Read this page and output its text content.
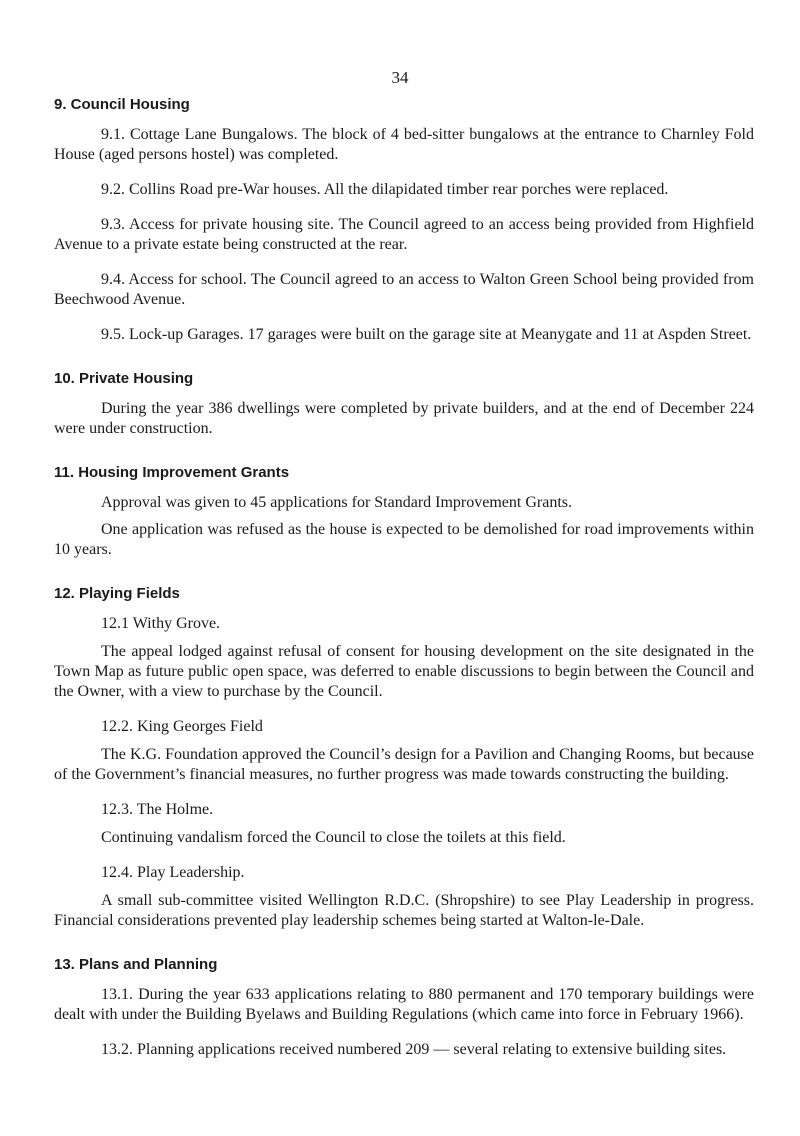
34

9. Council Housing

9.1. Cottage Lane Bungalows. The block of 4 bed-sitter bungalows at the entrance to Charnley Fold House (aged persons hostel) was completed.

9.2. Collins Road pre-War houses. All the dilapidated timber rear porches were replaced.

9.3. Access for private housing site. The Council agreed to an access being provided from Highfield Avenue to a private estate being constructed at the rear.

9.4. Access for school. The Council agreed to an access to Walton Green School being provided from Beechwood Avenue.

9.5. Lock-up Garages. 17 garages were built on the garage site at Meanygate and 11 at Aspden Street.

10. Private Housing

During the year 386 dwellings were completed by private builders, and at the end of December 224 were under construction.

11. Housing Improvement Grants

Approval was given to 45 applications for Standard Improvement Grants.

One application was refused as the house is expected to be demolished for road improvements within 10 years.

12. Playing Fields

12.1 Withy Grove.

The appeal lodged against refusal of consent for housing development on the site designated in the Town Map as future public open space, was deferred to enable discussions to begin between the Council and the Owner, with a view to purchase by the Council.

12.2. King Georges Field

The K.G. Foundation approved the Council’s design for a Pavilion and Changing Rooms, but because of the Government’s financial measures, no further progress was made towards constructing the building.

12.3. The Holme.

Continuing vandalism forced the Council to close the toilets at this field.

12.4. Play Leadership.

A small sub-committee visited Wellington R.D.C. (Shropshire) to see Play Leadership in progress. Financial considerations prevented play leadership schemes being started at Walton-le-Dale.

13. Plans and Planning

13.1. During the year 633 applications relating to 880 permanent and 170 temporary buildings were dealt with under the Building Byelaws and Building Regulations (which came into force in February 1966).

13.2. Planning applications received numbered 209 — several relating to extensive building sites.
